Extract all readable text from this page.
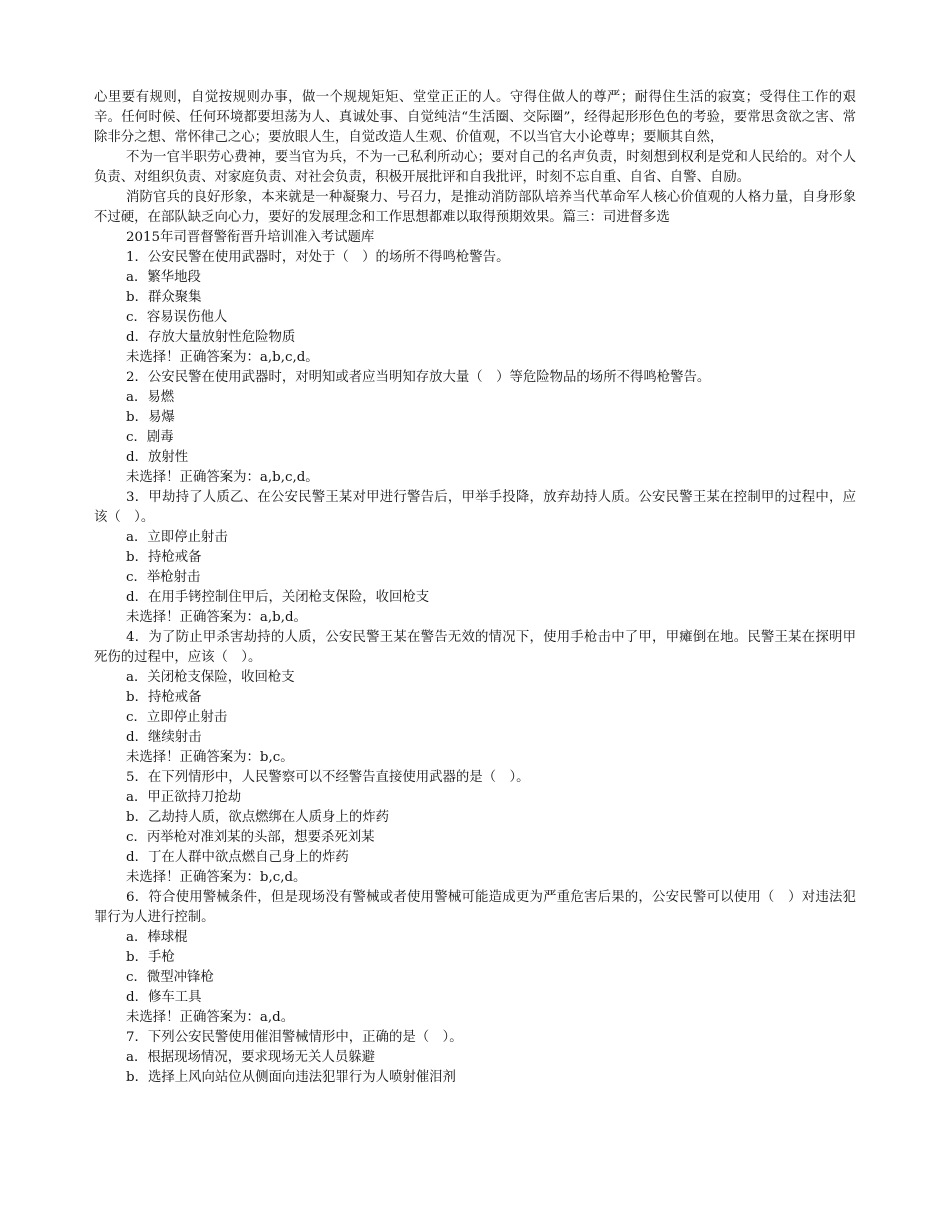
心里要有规则，自觉按规则办事，做一个规规矩矩、堂堂正正的人。守得住做人的尊严；耐得住生活的寂寞；受得住工作的艰辛。任何时候、任何环境都要坦荡为人、真诚处事、自觉纯洁“生活圈、交际圈”，经得起形形色色的考验，要常思贪欲之害、常除非分之想、常怀律己之心；要放眼人生，自觉改造人生观、价值观，不以当官大小论尊卑；要顺其自然，

不为一官半职劳心费神，要当官为兵，不为一己私利所动心；要对自己的名声负责，时刻想到权利是党和人民给的。对个人负责、对组织负责、对家庭负责、对社会负责，积极开展批评和自我批评，时刻不忘自重、自省、自警、自励。

消防官兵的良好形象，本来就是一种凝聚力、号召力，是推动消防部队培养当代革命军人核心价值观的人格力量，自身形象不过硬，在部队缺乏向心力，要好的发展理念和工作思想都难以取得预期效果。篇三：司进督多选

2015年司晋督警衔晋升培训准入考试题库

1．公安民警在使用武器时，对处于（　）的场所不得鸣枪警告。

a．繁华地段

b．群众聚集

c．容易误伤他人

d．存放大量放射性危险物质

未选择！正确答案为：a,b,c,d。

2．公安民警在使用武器时，对明知或者应当明知存放大量（　）等危险物品的场所不得鸣枪警告。

a．易燃

b．易爆

c．剧毒

d．放射性

未选择！正确答案为：a,b,c,d。

3．甲劫持了人质乙、在公安民警王某对甲进行警告后，甲举手投降，放弃劫持人质。公安民警王某在控制甲的过程中，应该（　）。

a．立即停止射击

b．持枪戒备

c．举枪射击

d．在用手铐控制住甲后，关闭枪支保险，收回枪支

未选择！正确答案为：a,b,d。

4．为了防止甲杀害劫持的人质，公安民警王某在警告无效的情况下，使用手枪击中了甲，甲瘫倒在地。民警王某在探明甲死伤的过程中，应该（　）。

a．关闭枪支保险，收回枪支

b．持枪戒备

c．立即停止射击

d．继续射击

未选择！正确答案为：b,c。

5．在下列情形中，人民警察可以不经警告直接使用武器的是（　）。

a．甲正欲持刀抢劫

b．乙劫持人质，欲点燃绑在人质身上的炸药

c．丙举枪对准刘某的头部，想要杀死刘某

d．丁在人群中欲点燃自己身上的炸药

未选择！正确答案为：b,c,d。

6．符合使用警械条件，但是现场没有警械或者使用警械可能造成更为严重危害后果的，公安民警可以使用（　）对违法犯罪行为人进行控制。

a．棒球棍

b．手枪

c．微型冲锋枪

d．修车工具

未选择！正确答案为：a,d。

7．下列公安民警使用催泪警械情形中，正确的是（　）。

a．根据现场情况，要求现场无关人员躲避

b．选择上风向站位从侧面向违法犯罪行为人喷射催泪剂
